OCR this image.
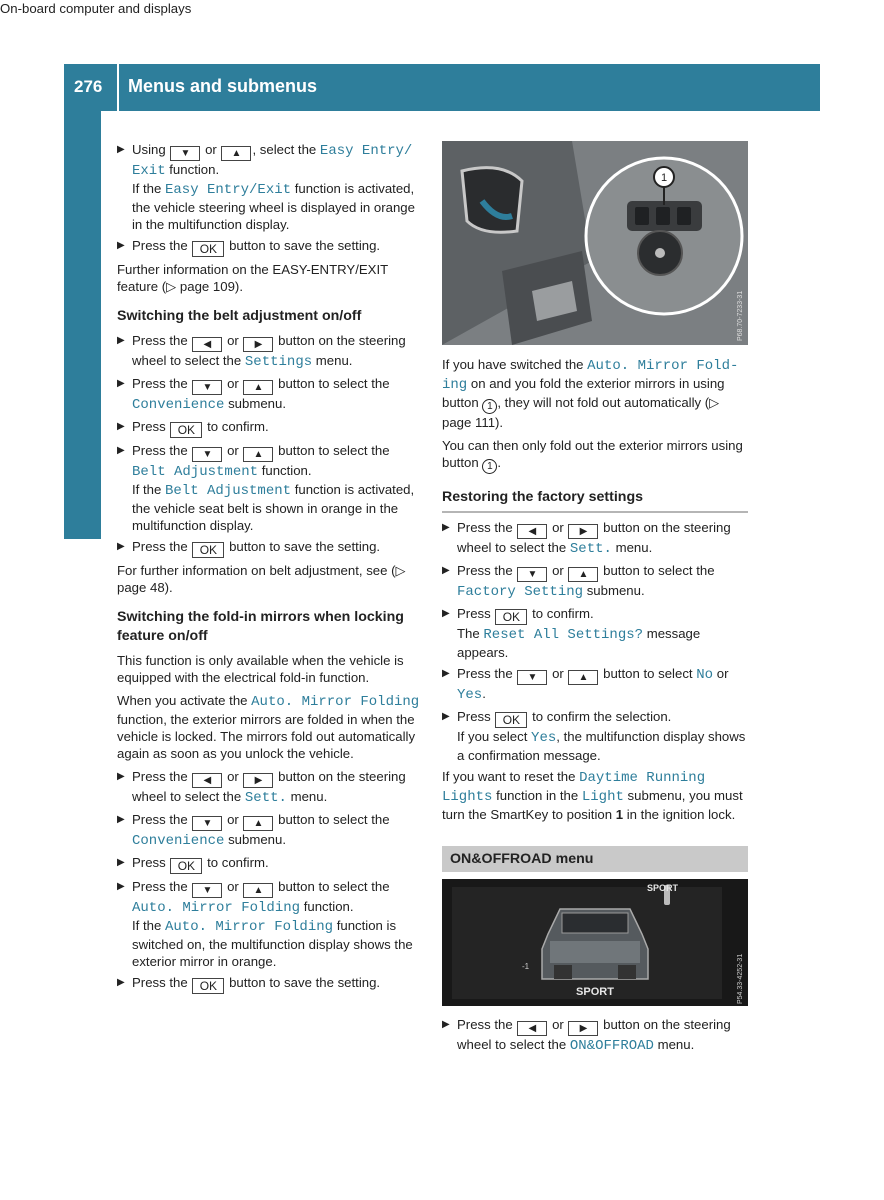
276 Menus and submenus
On-board computer and displays
▶ Using ▼ or ▲ , select the Easy Entry/
Exit function.
If the Easy Entry/Exit function is activated, the vehicle steering wheel is displayed in orange in the multifunction display.
▶ Press the OK button to save the setting.

Further information on the EASY-ENTRY/EXIT feature (▷ page 109).

Switching the belt adjustment on/off
▶ Press the ◀ or ▶ button on the steering wheel to select the Settings menu.
▶ Press the ▼ or ▲ button to select the Convenience submenu.
▶ Press OK to confirm.
▶ Press the ▼ or ▲ button to select the Belt Adjustment function.
If the Belt Adjustment function is activated, the vehicle seat belt is shown in orange in the multifunction display.
▶ Press the OK button to save the setting.

For further information on belt adjustment, see (▷ page 48).

Switching the fold-in mirrors when locking feature on/off

This function is only available when the vehicle is equipped with the electrical fold-in function.

When you activate the Auto. Mirror Folding function, the exterior mirrors are folded in when the vehicle is locked. The mirrors fold out automatically again as soon as you unlock the vehicle.

▶ Press the ◀ or ▶ button on the steering wheel to select the Sett. menu.
▶ Press the ▼ or ▲ button to select the Convenience submenu.
▶ Press OK to confirm.
▶ Press the ▼ or ▲ button to select the Auto. Mirror Folding function.
If the Auto. Mirror Folding function is switched on, the multifunction display shows the exterior mirror in orange.
▶ Press the OK button to save the setting.
1
P68.70-7233-31

If you have switched the Auto. Mirror Fold-ing on and you fold the exterior mirrors in using button 1 , they will not fold out automatically (▷ page 111).

You can then only fold out the exterior mirrors using button 1 .

Restoring the factory settings
▶ Press the ◀ or ▶ button on the steering wheel to select the Sett. menu.
▶ Press the ▼ or ▲ button to select the Factory Setting submenu.
▶ Press OK to confirm.
The Reset All Settings? message appears.
▶ Press the ▼ or ▲ button to select No or Yes.
▶ Press OK to confirm the selection.
If you select Yes, the multifunction display shows a confirmation message.

If you want to reset the Daytime Running Lights function in the Light submenu, you must turn the SmartKey to position 1 in the ignition lock.

ON&OFFROAD menu
SPORT
SPORT
-1	P54.33-4252-31
▶ Press the ◀ or ▶ button on the steering wheel to select the ON&OFFROAD menu.
